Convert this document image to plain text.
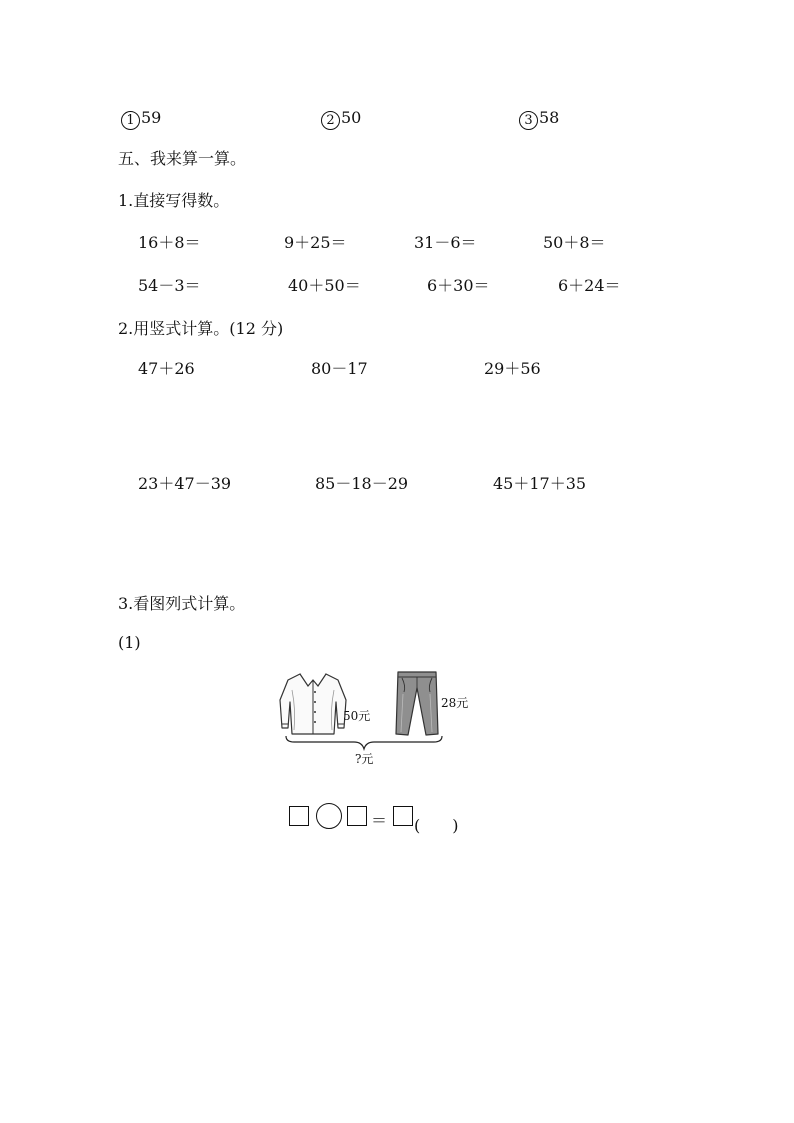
1 59	2 50	3 58
五、我来算一算。
1.直接写得数。
16＋8＝	9＋25＝	31－6＝	50＋8＝
54－3＝	40＋50＝	6＋30＝	6＋24＝
2.用竖式计算。(12 分)
47＋26	80－17	29＋56
23＋47－39	85－18－29	45＋17＋35
3.看图列式计算。
(1)
50元
28元
?元
＝ (　　)
